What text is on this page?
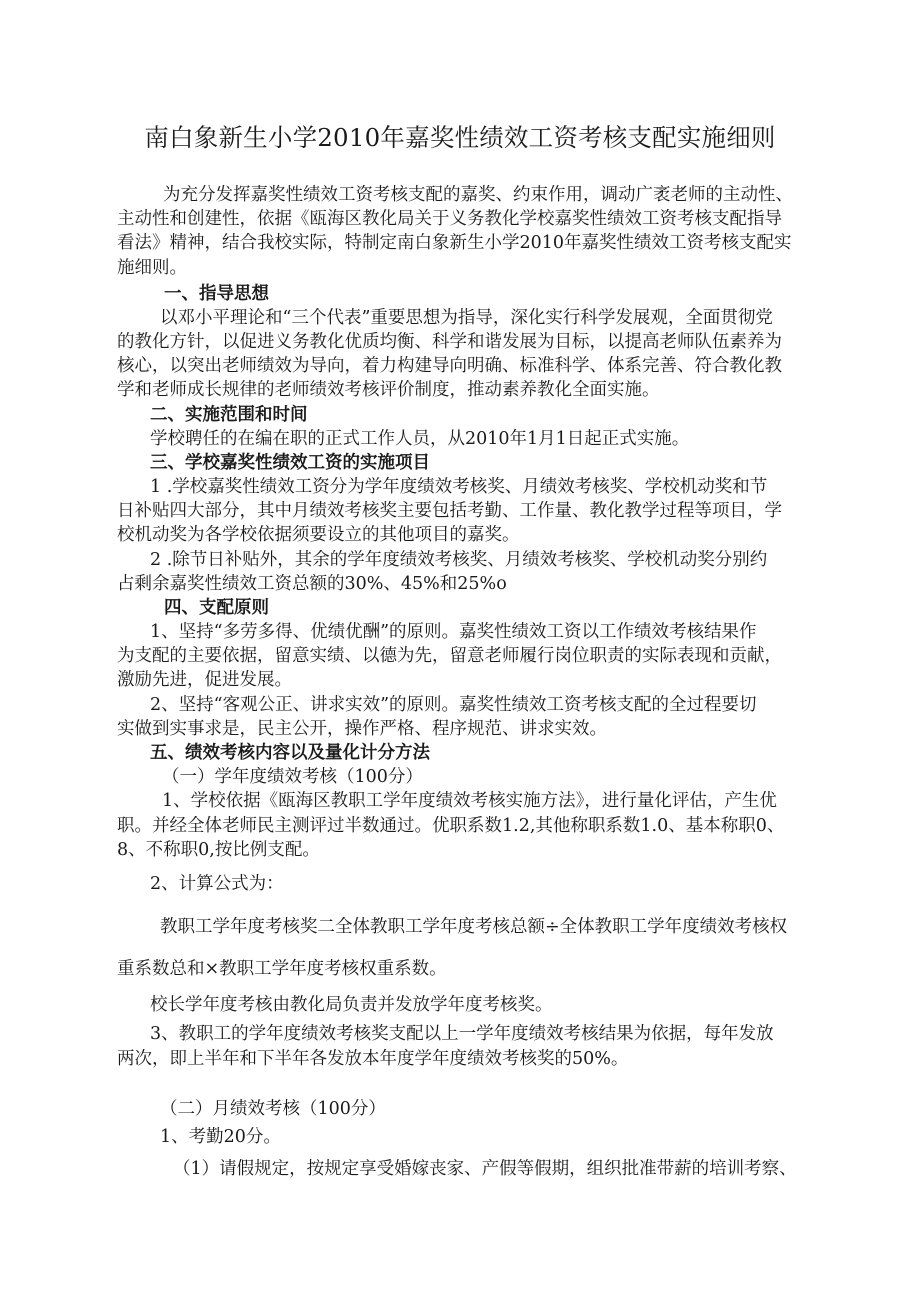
南白象新生小学2010年嘉奖性绩效工资考核支配实施细则
为充分发挥嘉奖性绩效工资考核支配的嘉奖、约束作用，调动广袤老师的主动性、
主动性和创建性，依据《瓯海区教化局关于义务教化学校嘉奖性绩效工资考核支配指导
看法》精神，结合我校实际，特制定南白象新生小学2010年嘉奖性绩效工资考核支配实
施细则。
一、指导思想
以邓小平理论和“三个代表”重要思想为指导，深化实行科学发展观，全面贯彻党
的教化方针，以促进义务教化优质均衡、科学和谐发展为目标，以提高老师队伍素养为
核心，以突出老师绩效为导向，着力构建导向明确、标准科学、体系完善、符合教化教
学和老师成长规律的老师绩效考核评价制度，推动素养教化全面实施。
二、实施范围和时间
学校聘任的在编在职的正式工作人员，从2010年1月1日起正式实施。
三、学校嘉奖性绩效工资的实施项目
1 .学校嘉奖性绩效工资分为学年度绩效考核奖、月绩效考核奖、学校机动奖和节
日补贴四大部分，其中月绩效考核奖主要包括考勤、工作量、教化教学过程等项目，学
校机动奖为各学校依据须要设立的其他项目的嘉奖。
2 .除节日补贴外，其余的学年度绩效考核奖、月绩效考核奖、学校机动奖分别约
占剩余嘉奖性绩效工资总额的30%、45%和25%o
四、支配原则
1、坚持“多劳多得、优绩优酬”的原则。嘉奖性绩效工资以工作绩效考核结果作
为支配的主要依据，留意实绩、以德为先，留意老师履行岗位职责的实际表现和贡献，
激励先进，促进发展。
2、坚持“客观公正、讲求实效”的原则。嘉奖性绩效工资考核支配的全过程要切
实做到实事求是，民主公开，操作严格、程序规范、讲求实效。
五、绩效考核内容以及量化计分方法
（一）学年度绩效考核（100分）
1、学校依据《瓯海区教职工学年度绩效考核实施方法》，进行量化评估，产生优
职。并经全体老师民主测评过半数通过。优职系数1.2,其他称职系数1.0、基本称职0、
8、不称职0,按比例支配。
2、计算公式为：
教职工学年度考核奖二全体教职工学年度考核总额÷全体教职工学年度绩效考核权
重系数总和×教职工学年度考核权重系数。
校长学年度考核由教化局负责并发放学年度考核奖。
3、教职工的学年度绩效考核奖支配以上一学年度绩效考核结果为依据，每年发放
两次，即上半年和下半年各发放本年度学年度绩效考核奖的50%。
（二）月绩效考核（100分）
1、考勤20分。
（1）请假规定，按规定享受婚嫁丧家、产假等假期，组织批准带薪的培训考察、
